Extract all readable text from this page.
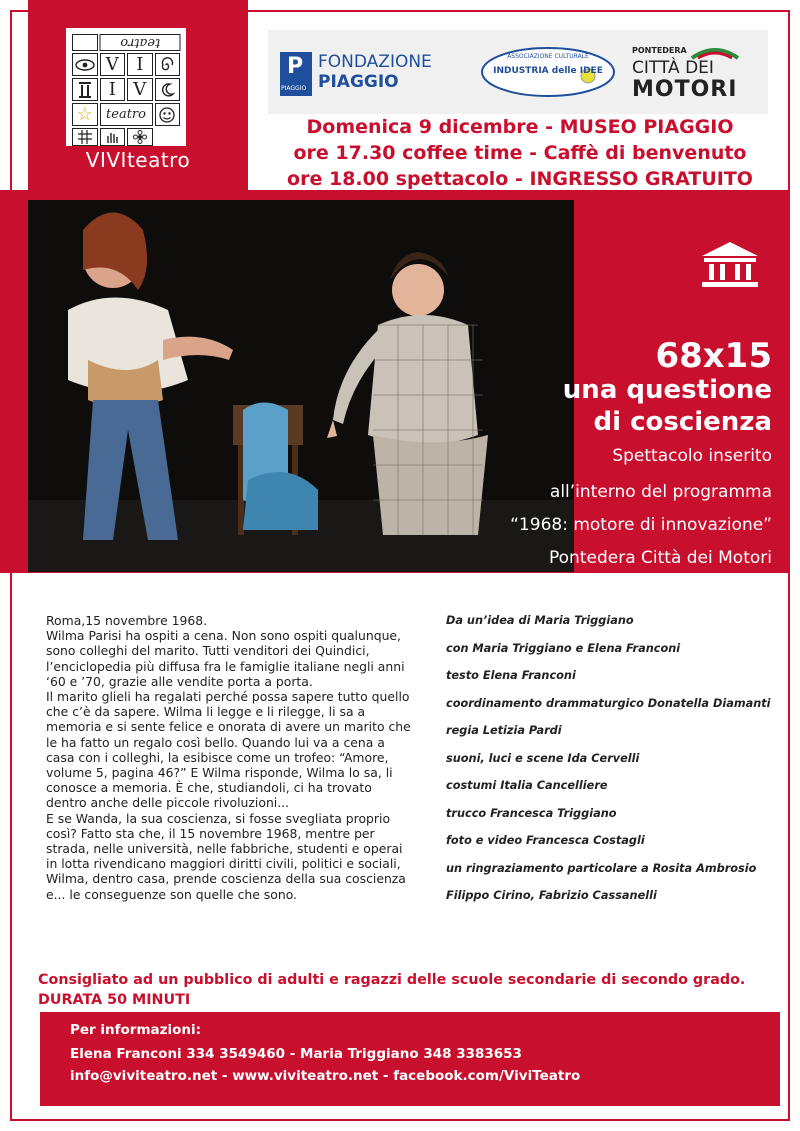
teatro
V I
I V
☆	teatro
VIVIteatro
P
PIAGGIO
FONDAZIONE
PIAGGIO
ASSOCIAZIONE CULTURALE
INDUSTRIA delle IDEE
PONTEDERA
CITTÀ DEI
MOTORI
Domenica 9 dicembre - MUSEO PIAGGIO
ore 17.30 coffee time - Caffè di benvenuto
ore 18.00 spettacolo - INGRESSO GRATUITO
68x15
una questione
di coscienza
Spettacolo inserito
all’interno del programma
“1968: motore di innovazione”
Pontedera Città dei Motori

Roma,15 novembre 1968.

Wilma Parisi ha ospiti a cena. Non sono ospiti qualunque, sono colleghi del marito. Tutti venditori dei Quindici, l’enciclopedia più diffusa fra le famiglie italiane negli anni ‘60 e ’70, grazie alle vendite porta a porta.

Il marito glieli ha regalati perché possa sapere tutto quello che c’è da sapere. Wilma li legge e li rilegge, li sa a memoria e si sente felice e onorata di avere un marito che le ha fatto un regalo così bello. Quando lui va a cena a casa con i colleghi, la esibisce come un trofeo: “Amore, volume 5, pagina 46?” E Wilma risponde, Wilma lo sa, li conosce a memoria. È che, studiandoli, ci ha trovato dentro anche delle piccole rivoluzioni...

E se Wanda, la sua coscienza, si fosse svegliata proprio così? Fatto sta che, il 15 novembre 1968, mentre per strada, nelle università, nelle fabbriche, studenti e operai in lotta rivendicano maggiori diritti civili, politici e sociali, Wilma, dentro casa, prende coscienza della sua coscienza e... le conseguenze son quelle che sono.

Da un’idea di Maria Triggiano
con Maria Triggiano e Elena Franconi
testo Elena Franconi
coordinamento drammaturgico Donatella Diamanti
regia Letizia Pardi
suoni, luci e scene Ida Cervelli
costumi Italia Cancelliere
trucco Francesca Triggiano
foto e video Francesca Costagli
un ringraziamento particolare a Rosita Ambrosio
Filippo Cirino, Fabrizio Cassanelli
Consigliato ad un pubblico di adulti e ragazzi delle scuole secondarie di secondo grado.
DURATA 50 MINUTI
Per informazioni:
Elena Franconi 334 3549460 - Maria Triggiano 348 3383653
info@viviteatro.net - www.viviteatro.net - facebook.com/ViviTeatro
